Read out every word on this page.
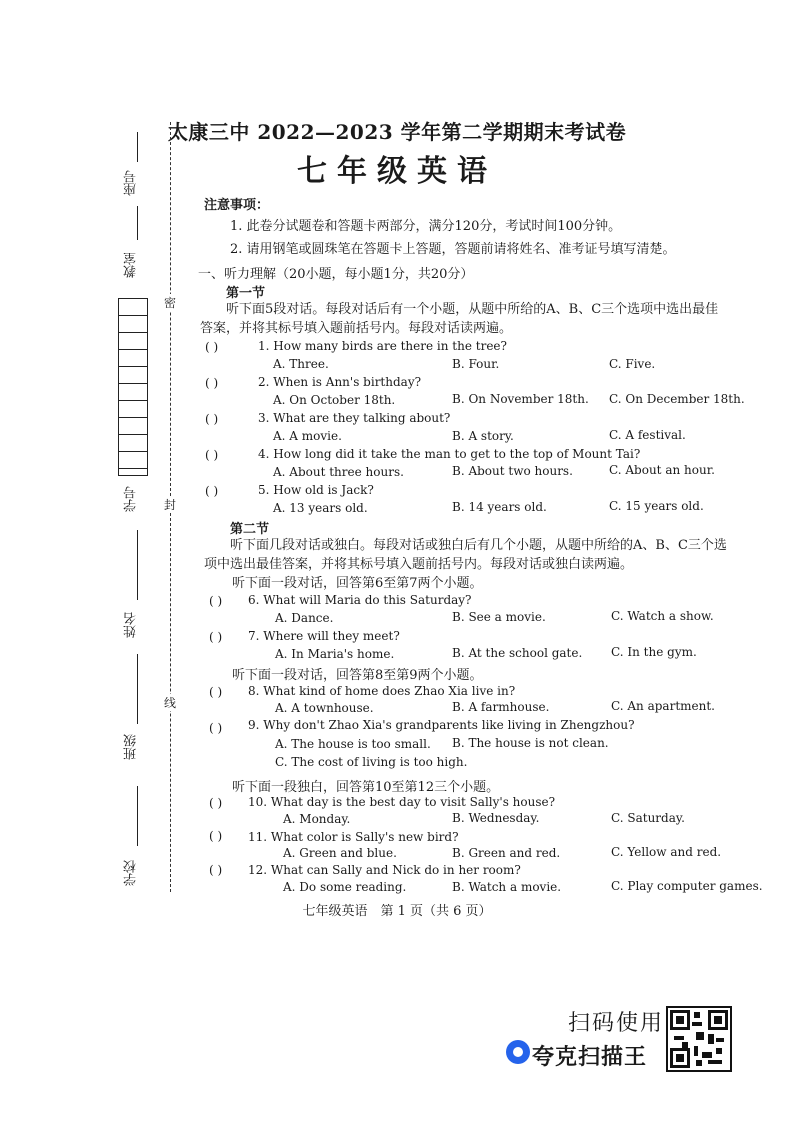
太康三中 2022—2023 学年第二学期期末考试卷
七年级英语
注意事项：
1. 此卷分试题卷和答题卡两部分，满分120分，考试时间100分钟。
2. 请用钢笔或圆珠笔在答题卡上答题，答题前请将姓名、准考证号填写清楚。
一、听力理解（20小题，每小题1分，共20分）
第一节
听下面5段对话。每段对话后有一个小题，从题中所给的A、B、C三个选项中选出最佳
答案，并将其标号填入题前括号内。每段对话读两遍。
( )	1. How many birds are there in the tree?
A. Three.	B. Four.	C. Five.
( )	2. When is Ann's birthday?
A. On October 18th.	B. On November 18th. C. On December 18th.
( )	3. What are they talking about?
A. A movie.	B. A story.	C. A festival.
( )	4. How long did it take the man to get to the top of Mount Tai?
A. About three hours.	B. About two hours.	C. About an hour.
( )	5. How old is Jack?
A. 13 years old.	B. 14 years old.	C. 15 years old.
第二节
听下面几段对话或独白。每段对话或独白后有几个小题，从题中所给的A、B、C三个选
项中选出最佳答案，并将其标号填入题前括号内。每段对话或独白读两遍。
听下面一段对话，回答第6至第7两个小题。
( ) 6. What will Maria do this Saturday?
A. Dance.	B. See a movie.	C. Watch a show.
( ) 7. Where will they meet?
A. In Maria's home.	B. At the school gate. C. In the gym.
听下面一段对话，回答第8至第9两个小题。
( ) 8. What kind of home does Zhao Xia live in?
A. A townhouse.	B. A farmhouse.	C. An apartment.
( ) 9. Why don't Zhao Xia's grandparents like living in Zhengzhou?
A. The house is too small. B. The house is not clean.
C. The cost of living is too high.
听下面一段独白，回答第10至第12三个小题。
( ) 10. What day is the best day to visit Sally's house?
A. Monday.	B. Wednesday.	C. Saturday.
( ) 11. What color is Sally's new bird?
A. Green and blue.	B. Green and red.	C. Yellow and red.
( ) 12. What can Sally and Nick do in her room?
A. Do some reading.	B. Watch a movie.	C. Play computer games.
七年级英语　第 1 页（共 6 页）
座号
教室
学号
姓名
班级
学校
密
封
线
扫码使用
夸克扫描王
